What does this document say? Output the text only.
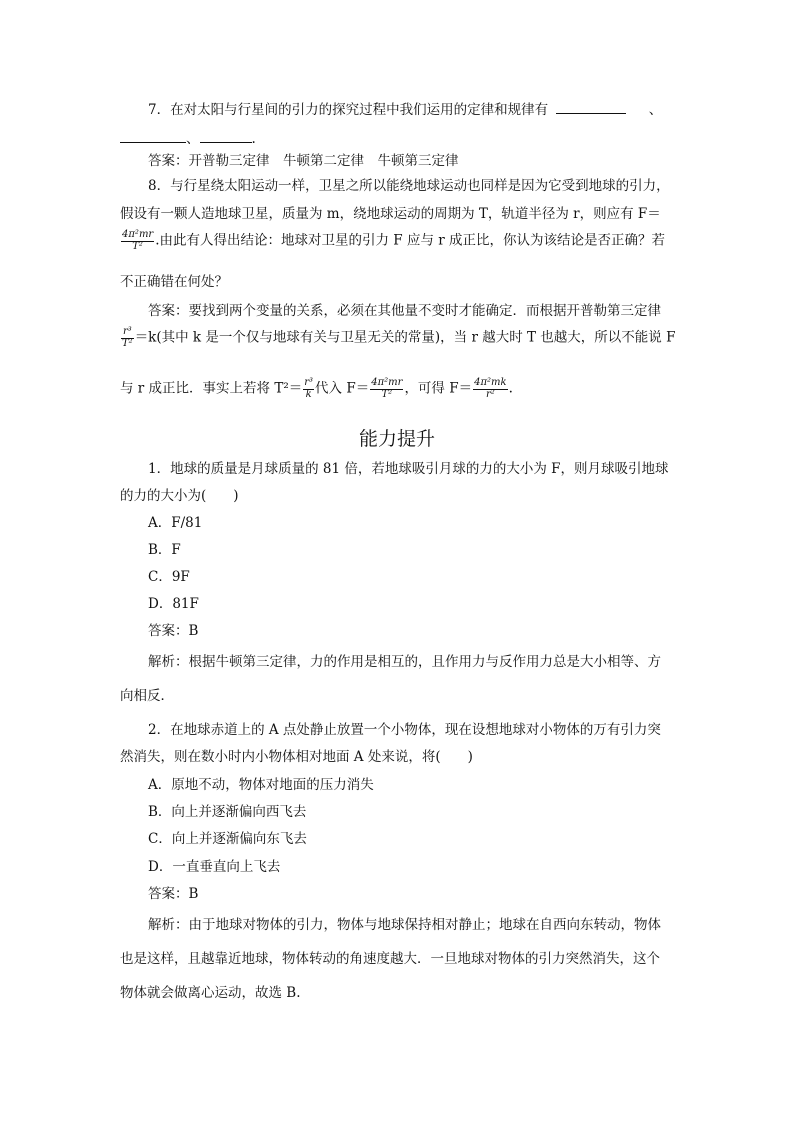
7．在对太阳与行星间的引力的探究过程中我们运用的定律和规律有	、
、	.
答案：开普勒三定律　牛顿第二定律　牛顿第三定律
8．与行星绕太阳运动一样，卫星之所以能绕地球运动也同样是因为它受到地球的引力，
假设有一颗人造地球卫星，质量为 m，绕地球运动的周期为 T，轨道半径为 r，则应有 F＝
$\frac{\text{4π²mr}}{\text{T²}}$ .由此有人得出结论：地球对卫星的引力 F 应与 r 成正比，你认为该结论是否正确？若
不正确错在何处？
答案：要找到两个变量的关系，必须在其他量不变时才能确定．而根据开普勒第三定律
$\frac{\text{r³}}{\text{T²}} =k$(其中 k 是一个仅与地球有关与卫星无关的常量)，当 r 越大时 T 也越大，所以不能说 F
与 r 成正比．事实上若将 $T^2= \frac{\text{r³}}{k}$ 代入 $F= \frac{\text{4π²mr}}{\text{T²}}$ ，可得 $F= \frac{\text{4π²mk}}{\text{r²}}$ .
能力提升
1．地球的质量是月球质量的 81 倍，若地球吸引月球的力的大小为 F，则月球吸引地球
的力的大小为(　　)
A．F/81
B．F
C．9F
D．81F
答案：B
解析：根据牛顿第三定律，力的作用是相互的，且作用力与反作用力总是大小相等、方
向相反．
2．在地球赤道上的 A 点处静止放置一个小物体，现在设想地球对小物体的万有引力突
然消失，则在数小时内小物体相对地面 A 处来说，将(　　)
A．原地不动，物体对地面的压力消失
B．向上并逐渐偏向西飞去
C．向上并逐渐偏向东飞去
D．一直垂直向上飞去
答案：B
解析：由于地球对物体的引力，物体与地球保持相对静止；地球在自西向东转动，物体
也是这样，且越靠近地球，物体转动的角速度越大．一旦地球对物体的引力突然消失，这个
物体就会做离心运动，故选 B.
